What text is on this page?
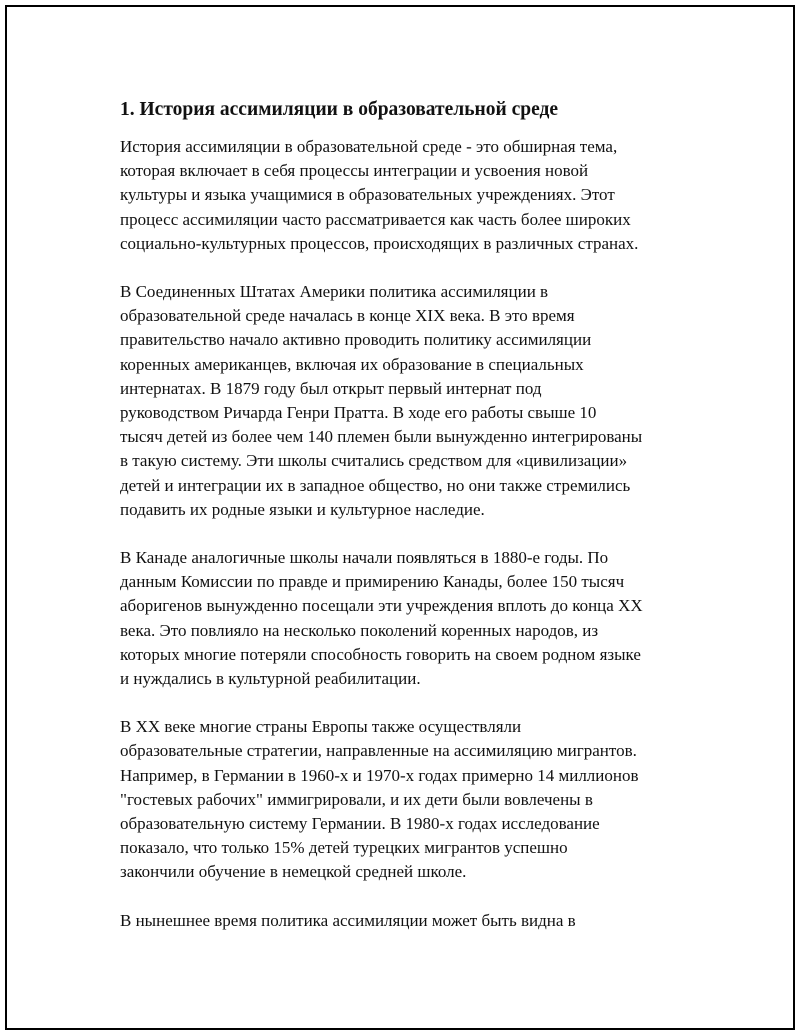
1. История ассимиляции в образовательной среде

История ассимиляции в образовательной среде - это обширная тема,
которая включает в себя процессы интеграции и усвоения новой
культуры и языка учащимися в образовательных учреждениях. Этот
процесс ассимиляции часто рассматривается как часть более широких
социально-культурных процессов, происходящих в различных странах.

В Соединенных Штатах Америки политика ассимиляции в
образовательной среде началась в конце XIX века. В это время
правительство начало активно проводить политику ассимиляции
коренных американцев, включая их образование в специальных
интернатах. В 1879 году был открыт первый интернат под
руководством Ричарда Генри Пратта. В ходе его работы свыше 10
тысяч детей из более чем 140 племен были вынужденно интегрированы
в такую систему. Эти школы считались средством для «цивилизации»
детей и интеграции их в западное общество, но они также стремились
подавить их родные языки и культурное наследие.

В Канаде аналогичные школы начали появляться в 1880-е годы. По
данным Комиссии по правде и примирению Канады, более 150 тысяч
аборигенов вынужденно посещали эти учреждения вплоть до конца XX
века. Это повлияло на несколько поколений коренных народов, из
которых многие потеряли способность говорить на своем родном языке
и нуждались в культурной реабилитации.

В XX веке многие страны Европы также осуществляли
образовательные стратегии, направленные на ассимиляцию мигрантов.
Например, в Германии в 1960-х и 1970-х годах примерно 14 миллионов
"гостевых рабочих" иммигрировали, и их дети были вовлечены в
образовательную систему Германии. В 1980-х годах исследование
показало, что только 15% детей турецких мигрантов успешно
закончили обучение в немецкой средней школе.

В нынешнее время политика ассимиляции может быть видна в
